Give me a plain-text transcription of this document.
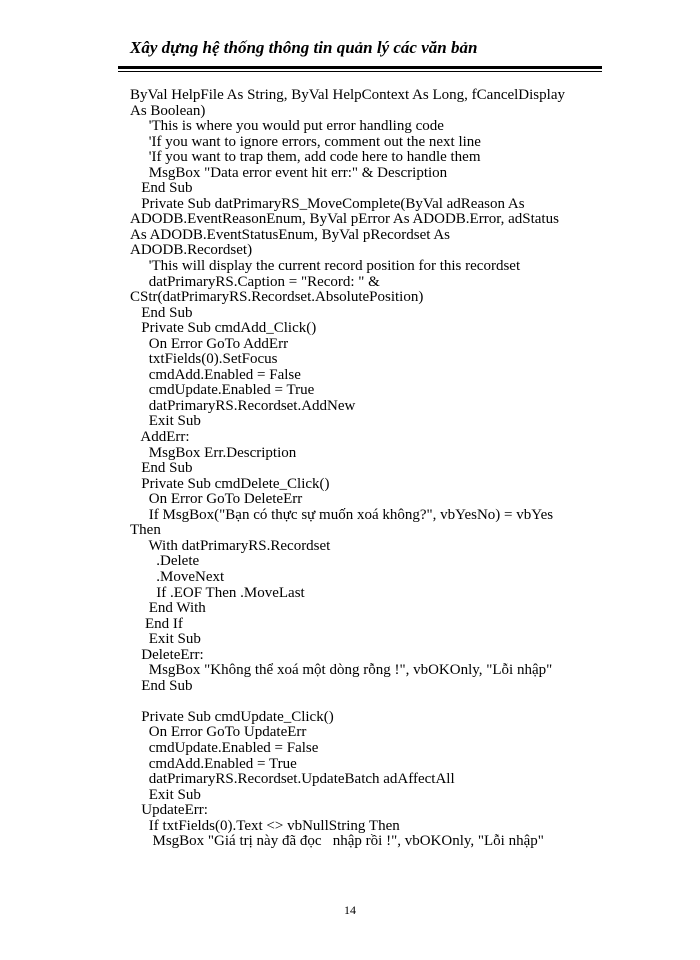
Xây dựng hệ thống thông tin quản lý các văn bản
ByVal HelpFile As String, ByVal HelpContext As Long, fCancelDisplay
As Boolean)
'This is where you would put error handling code
'If you want to ignore errors, comment out the next line
'If you want to trap them, add code here to handle them
MsgBox "Data error event hit err:" & Description
End Sub
Private Sub datPrimaryRS_MoveComplete(ByVal adReason As
ADODB.EventReasonEnum, ByVal pError As ADODB.Error, adStatus
As ADODB.EventStatusEnum, ByVal pRecordset As
ADODB.Recordset)
'This will display the current record position for this recordset
datPrimaryRS.Caption = "Record: " &
CStr(datPrimaryRS.Recordset.AbsolutePosition)
End Sub
Private Sub cmdAdd_Click()
On Error GoTo AddErr
txtFields(0).SetFocus
cmdAdd.Enabled = False
cmdUpdate.Enabled = True
datPrimaryRS.Recordset.AddNew
Exit Sub
AddErr:
MsgBox Err.Description
End Sub
Private Sub cmdDelete_Click()
On Error GoTo DeleteErr
If MsgBox("Bạn có thực sự muốn xoá không?", vbYesNo) = vbYes
Then
With datPrimaryRS.Recordset
.Delete
.MoveNext
If .EOF Then .MoveLast
End With
End If
Exit Sub
DeleteErr:
MsgBox "Không thể xoá một dòng rỗng !", vbOKOnly, "Lỗi nhập"
End Sub
Private Sub cmdUpdate_Click()
On Error GoTo UpdateErr
cmdUpdate.Enabled = False
cmdAdd.Enabled = True
datPrimaryRS.Recordset.UpdateBatch adAffectAll
Exit Sub
UpdateErr:
If txtFields(0).Text <> vbNullString Then
MsgBox "Giá trị này đã đọc   nhập rồi !", vbOKOnly, "Lỗi nhập"
14
